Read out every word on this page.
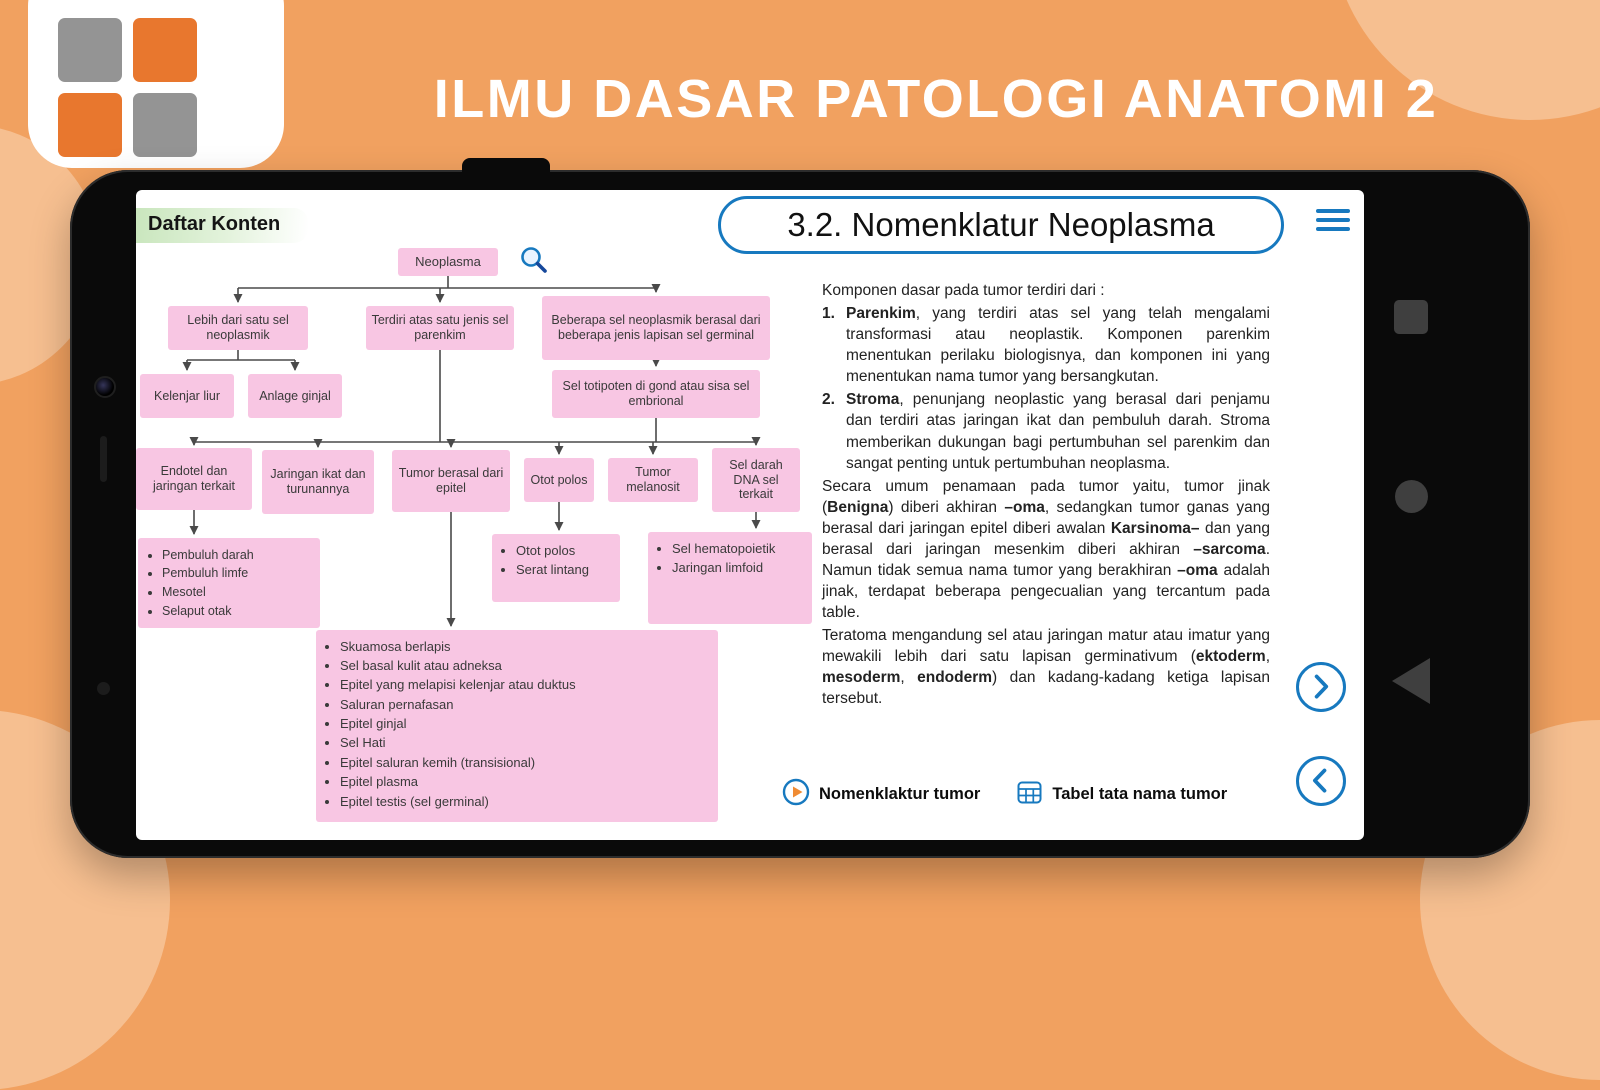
ILMU DASAR PATOLOGI ANATOMI 2
Daftar Konten
Neoplasma
Lebih dari satu sel neoplasmik
Terdiri atas satu jenis sel parenkim
Beberapa sel neoplasmik berasal dari beberapa jenis lapisan sel germinal
Kelenjar liur	Anlage ginjal
Sel totipoten di gond atau sisa sel embrional
Endotel dan jaringan terkait
Jaringan ikat dan turunannya
Tumor berasal dari epitel
Otot polos
Tumor melanosit
Sel darah DNA sel terkait
• Pembuluh darah
• Pembuluh limfe
• Mesotel
• Selaput otak
• Otot polos
• Serat lintang
• Sel hematopoietik
• Jaringan limfoid
• Skuamosa berlapis
• Sel basal kulit atau adneksa
• Epitel yang melapisi kelenjar atau duktus
• Saluran pernafasan
• Epitel ginjal
• Sel Hati
• Epitel saluran kemih (transisional)
• Epitel plasma
• Epitel testis (sel germinal)
3.2. Nomenklatur Neoplasma

Komponen dasar pada tumor terdiri dari :

1. Parenkim, yang terdiri atas sel yang telah mengalami transformasi atau neoplastik. Komponen parenkim menentukan perilaku biologisnya, dan komponen ini yang menentukan nama tumor yang bersangkutan.
2. Stroma, penunjang neoplastic yang berasal dari penjamu dan terdiri atas jaringan ikat dan pembuluh darah. Stroma memberikan dukungan bagi pertumbuhan sel parenkim dan sangat penting untuk pertumbuhan neoplasma.

Secara umum penamaan pada tumor yaitu, tumor jinak (Benigna) diberi akhiran –oma, sedangkan tumor ganas yang berasal dari jaringan epitel diberi awalan Karsinoma– dan yang berasal dari jaringan mesenkim diberi akhiran –sarcoma. Namun tidak semua nama tumor yang berakhiran –oma adalah jinak, terdapat beberapa pengecualian yang tercantum pada table.

Teratoma mengandung sel atau jaringan matur atau imatur yang mewakili lebih dari satu lapisan germinativum (ektoderm, mesoderm, endoderm) dan kadang-kadang ketiga lapisan tersebut.

Nomenklaktur tumor	Tabel tata nama tumor
